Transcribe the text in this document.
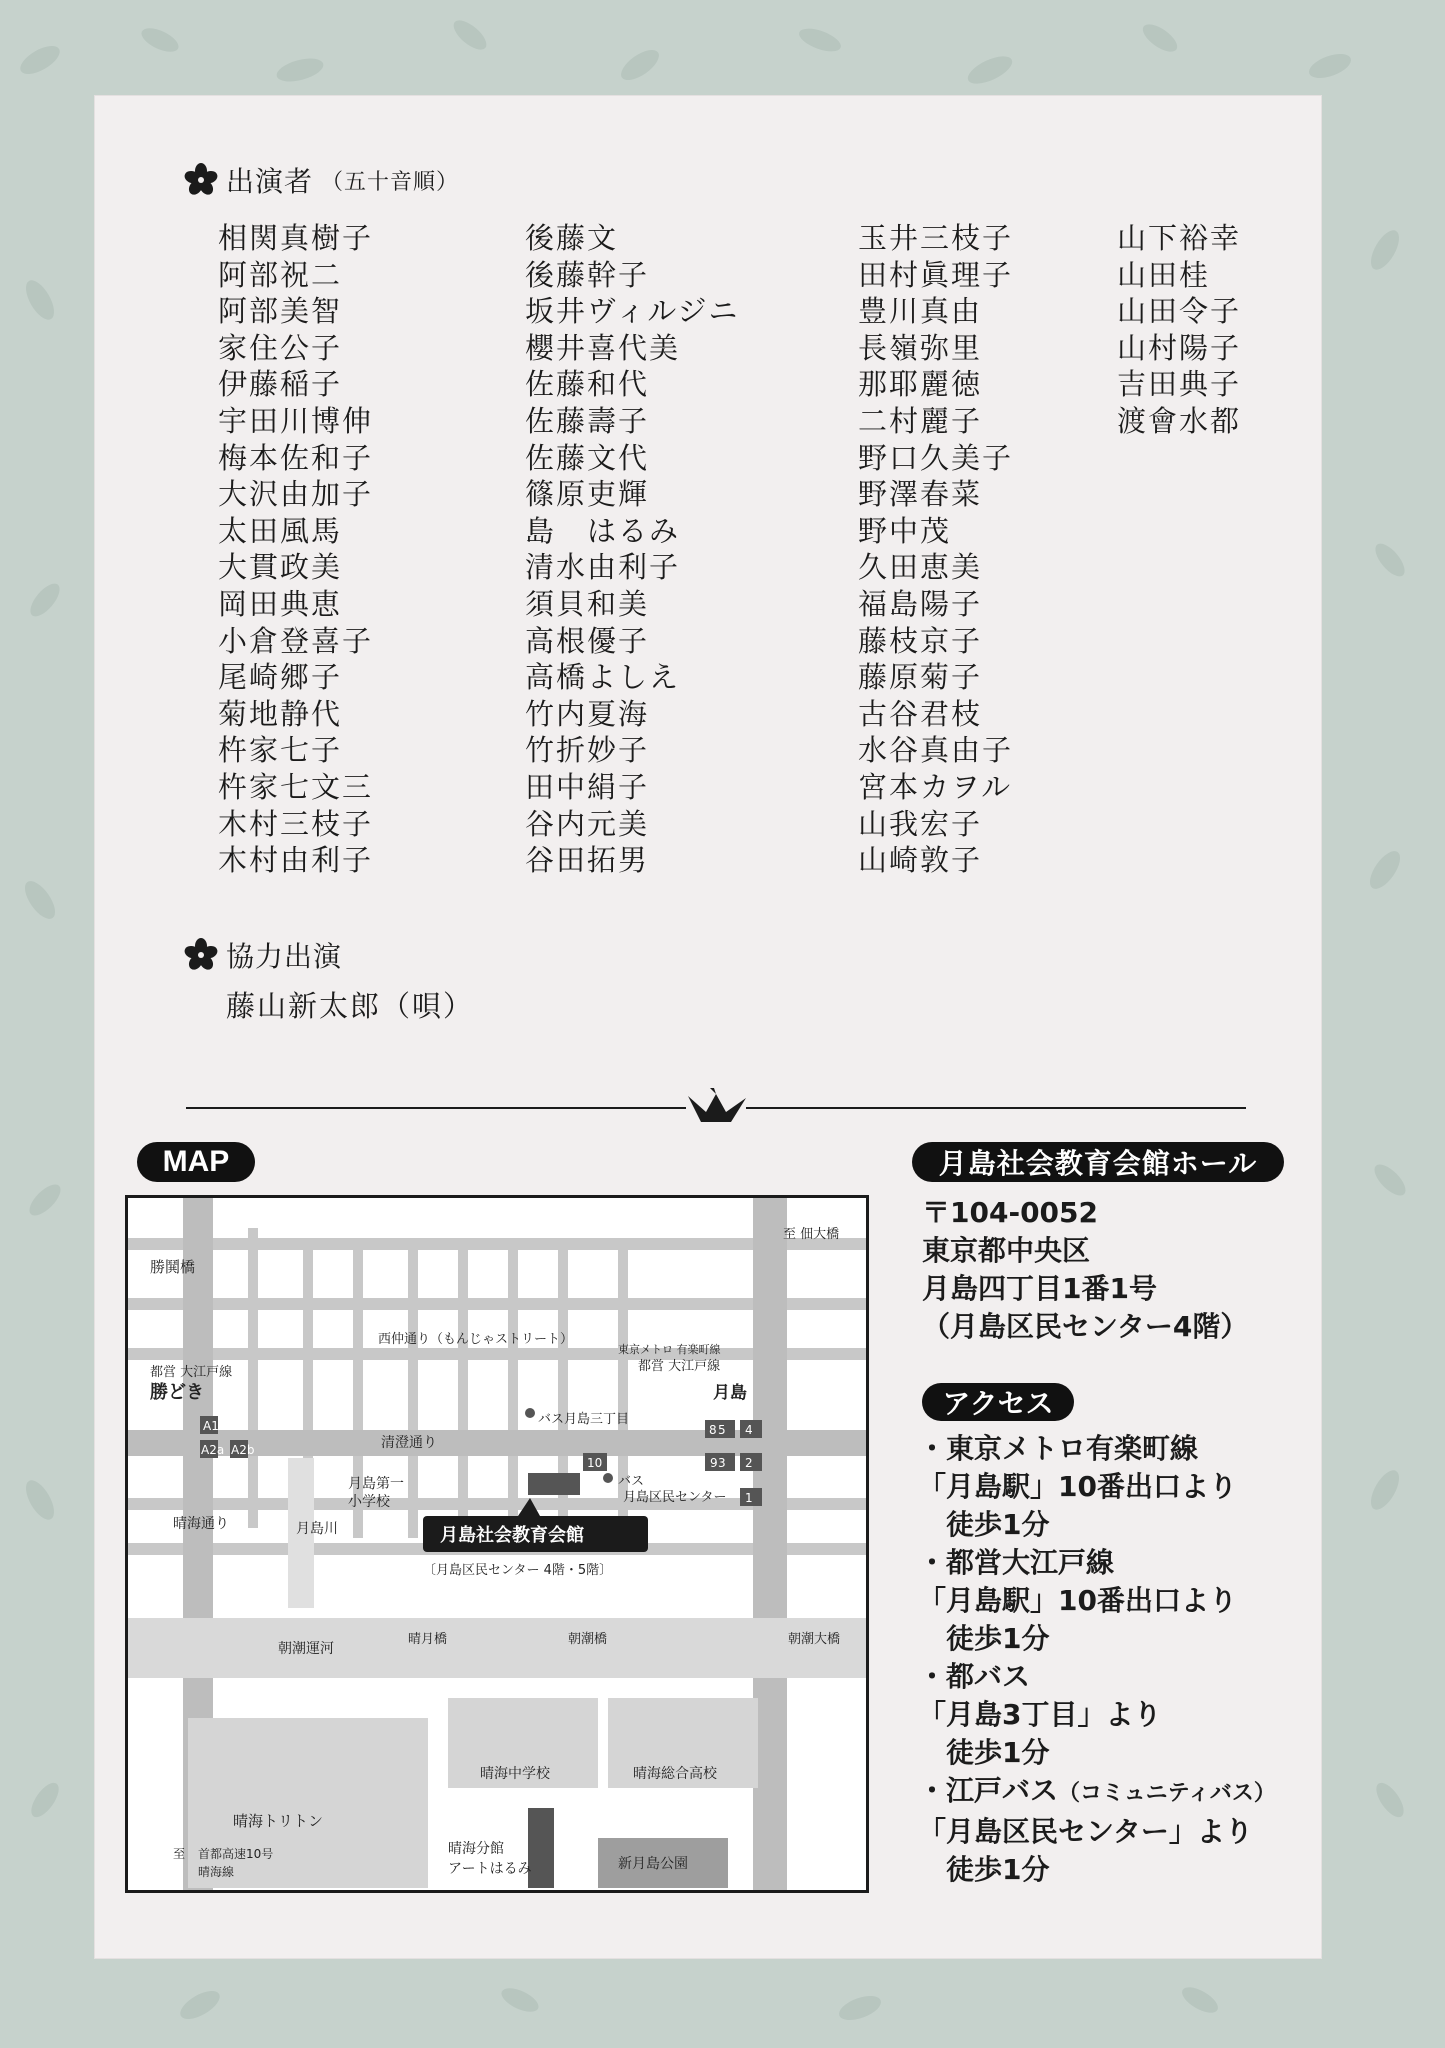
出演者 （五十音順）
相関真樹子
阿部祝二
阿部美智
家住公子
伊藤稲子
宇田川博伸
梅本佐和子
大沢由加子
太田風馬
大貫政美
岡田典恵
小倉登喜子
尾崎郷子
菊地静代
杵家七子
杵家七文三
木村三枝子
木村由利子
後藤文
後藤幹子
坂井ヴィルジニ
櫻井喜代美
佐藤和代
佐藤壽子
佐藤文代
篠原吏輝
島　はるみ
清水由利子
須貝和美
高根優子
高橋よしえ
竹内夏海
竹折妙子
田中絹子
谷内元美
谷田拓男
玉井三枝子
田村眞理子
豊川真由
長嶺弥里
那耶麗徳
二村麗子
野口久美子
野澤春菜
野中茂
久田恵美
福島陽子
藤枝京子
藤原菊子
古谷君枝
水谷真由子
宮本カヲル
山我宏子
山崎敦子
山下裕幸
山田桂
山田令子
山村陽子
吉田典子
渡會水都
協力出演
藤山新太郎（唄）
MAP
A1
A2a A2b
10	9
8 5 4
3 2
1
勝鬨橋
都営 大江戸線
勝どき
西仲通り（もんじゃストリート）
東京メトロ 有楽町線
都営 大江戸線
月島
至 佃大橋
バス月島三丁目
清澄通り
バス
月島区民センター
月島第一
小学校
晴海通り	月島川
朝潮運河
晴月橋	朝潮橋	朝潮大橋
晴海中学校	晴海総合高校
晴海トリトン
至 首都高速10号
晴海線
晴海分館
アートはるみ	新月島公園
月島社会教育会館
〔月島区民センター 4階・5階〕
月島社会教育会館ホール
〒104-0052
東京都中央区
月島四丁目1番1号
（月島区民センター4階）
アクセス
・東京メトロ有楽町線
「月島駅」10番出口より
徒歩1分
・都営大江戸線
「月島駅」10番出口より
徒歩1分
・都バス
「月島3丁目」より
徒歩1分
・江戸バス（コミュニティバス）
「月島区民センター」より
徒歩1分
